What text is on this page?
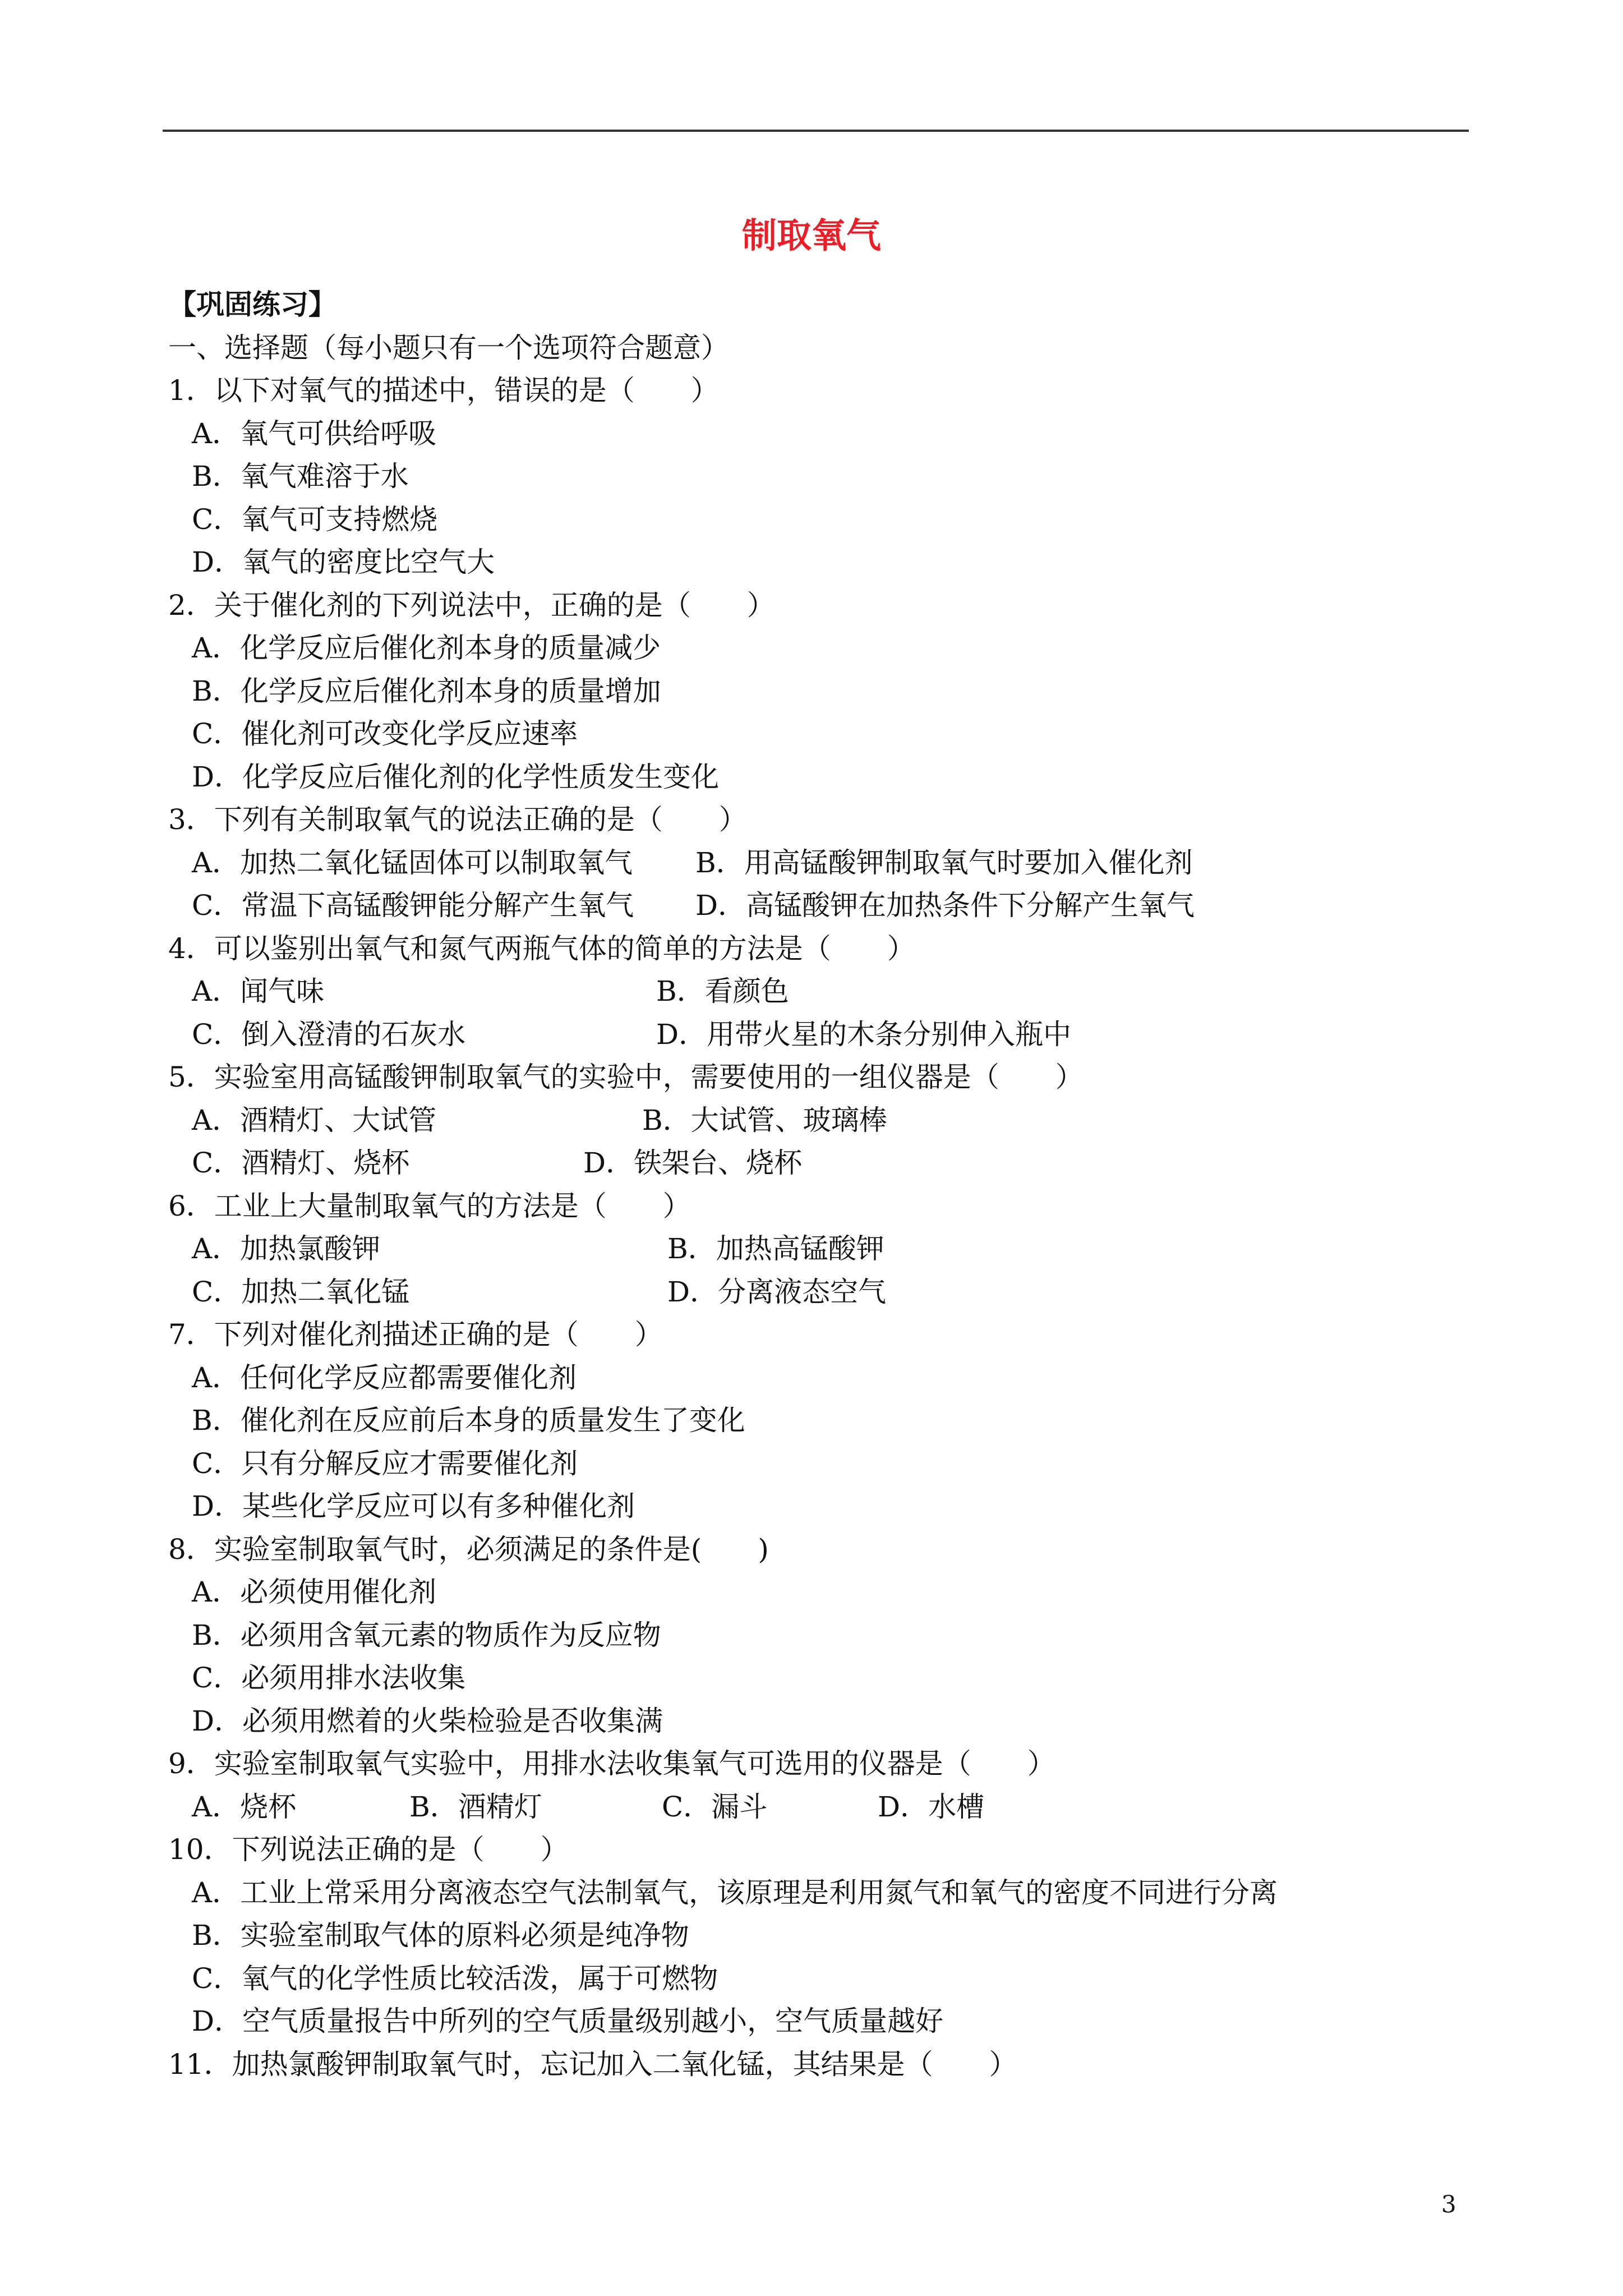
制取氧气
【巩固练习】
一、选择题（每小题只有一个选项符合题意）
1．以下对氧气的描述中，错误的是（　　）
A．氧气可供给呼吸
B．氧气难溶于水
C．氧气可支持燃烧
D．氧气的密度比空气大
2．关于催化剂的下列说法中，正确的是（　　）
A．化学反应后催化剂本身的质量减少
B．化学反应后催化剂本身的质量增加
C．催化剂可改变化学反应速率
D．化学反应后催化剂的化学性质发生变化
3．下列有关制取氧气的说法正确的是（　　）
A．加热二氧化锰固体可以制取氧气 B．用高锰酸钾制取氧气时要加入催化剂
C．常温下高锰酸钾能分解产生氧气 D．高锰酸钾在加热条件下分解产生氧气
4．可以鉴别出氧气和氮气两瓶气体的简单的方法是（　　）
A．闻气味	B．看颜色
C．倒入澄清的石灰水	D．用带火星的木条分别伸入瓶中
5．实验室用高锰酸钾制取氧气的实验中，需要使用的一组仪器是（　　）
A．酒精灯、大试管	B．大试管、玻璃棒
C．酒精灯、烧杯	D．铁架台、烧杯
6．工业上大量制取氧气的方法是（　　）
A．加热氯酸钾	B．加热高锰酸钾
C．加热二氧化锰	D．分离液态空气
7．下列对催化剂描述正确的是（　　）
A．任何化学反应都需要催化剂
B．催化剂在反应前后本身的质量发生了变化
C．只有分解反应才需要催化剂
D．某些化学反应可以有多种催化剂
8．实验室制取氧气时，必须满足的条件是(　　)
A．必须使用催化剂
B．必须用含氧元素的物质作为反应物
C．必须用排水法收集
D．必须用燃着的火柴检验是否收集满
9．实验室制取氧气实验中，用排水法收集氧气可选用的仪器是（　　）
A．烧杯	B．酒精灯	C．漏斗	D．水槽
10．下列说法正确的是（　　）
A．工业上常采用分离液态空气法制氧气，该原理是利用氮气和氧气的密度不同进行分离
B．实验室制取气体的原料必须是纯净物
C．氧气的化学性质比较活泼，属于可燃物
D．空气质量报告中所列的空气质量级别越小，空气质量越好
11．加热氯酸钾制取氧气时，忘记加入二氧化锰，其结果是（　　）
3
